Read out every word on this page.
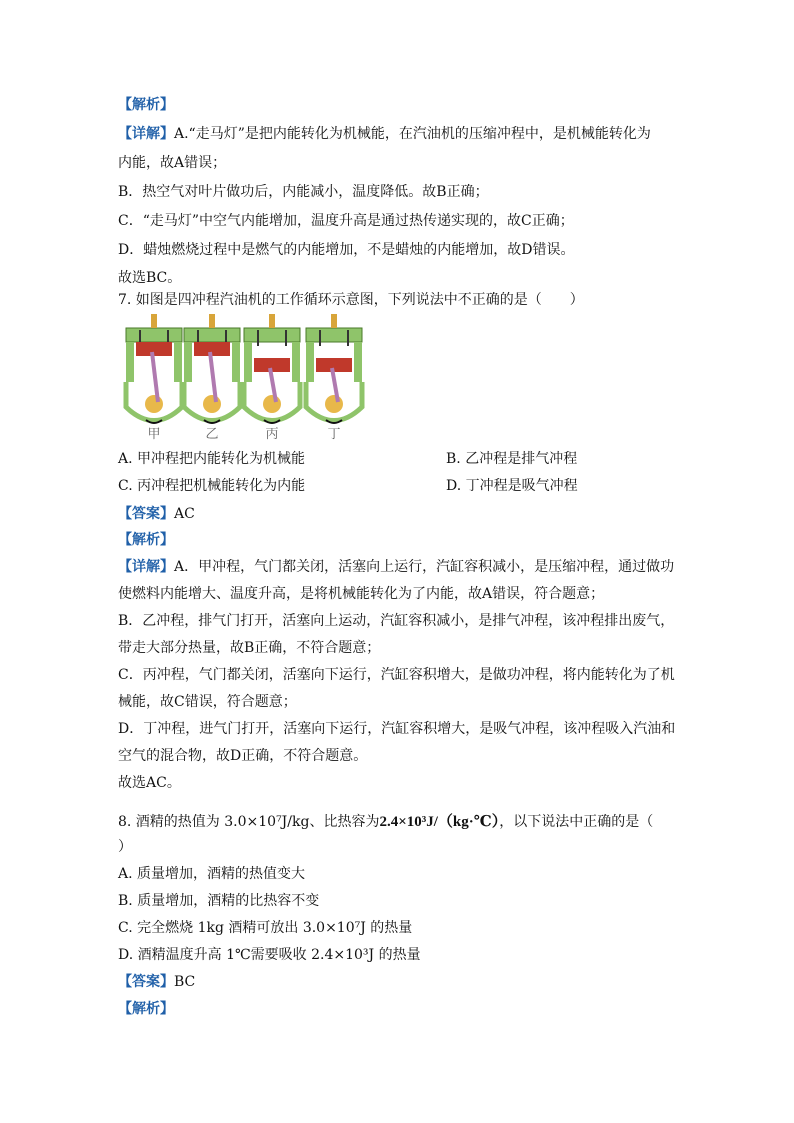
【解析】
【详解】A.“走马灯”是把内能转化为机械能，在汽油机的压缩冲程中，是机械能转化为
内能，故A错误；
B．热空气对叶片做功后，内能减小，温度降低。故B正确；
C．“走马灯”中空气内能增加，温度升高是通过热传递实现的，故C正确；
D．蜡烛燃烧过程中是燃气的内能增加，不是蜡烛的内能增加，故D错误。
故选BC。
7. 如图是四冲程汽油机的工作循环示意图，下列说法中不正确的是（　　）
甲	乙	丙	丁
A. 甲冲程把内能转化为机械能	B. 乙冲程是排气冲程
C. 丙冲程把机械能转化为内能	D. 丁冲程是吸气冲程
【答案】AC
【解析】
【详解】A．甲冲程，气门都关闭，活塞向上运行，汽缸容积减小，是压缩冲程，通过做功
使燃料内能增大、温度升高，是将机械能转化为了内能，故A错误，符合题意；
B．乙冲程，排气门打开，活塞向上运动，汽缸容积减小，是排气冲程，该冲程排出废气，
带走大部分热量，故B正确，不符合题意；
C．丙冲程，气门都关闭，活塞向下运行，汽缸容积增大，是做功冲程，将内能转化为了机
械能，故C错误，符合题意；
D．丁冲程，进气门打开，活塞向下运行，汽缸容积增大，是吸气冲程，该冲程吸入汽油和
空气的混合物，故D正确，不符合题意。
故选AC。
8. 酒精的热值为 3.0×10⁷J/kg、比热容为2.4×10³J/（kg·℃），以下说法中正确的是（
）
A. 质量增加，酒精的热值变大
B. 质量增加，酒精的比热容不变
C. 完全燃烧 1kg 酒精可放出 3.0×10⁷J 的热量
D. 酒精温度升高 1℃需要吸收 2.4×10³J 的热量
【答案】BC
【解析】
